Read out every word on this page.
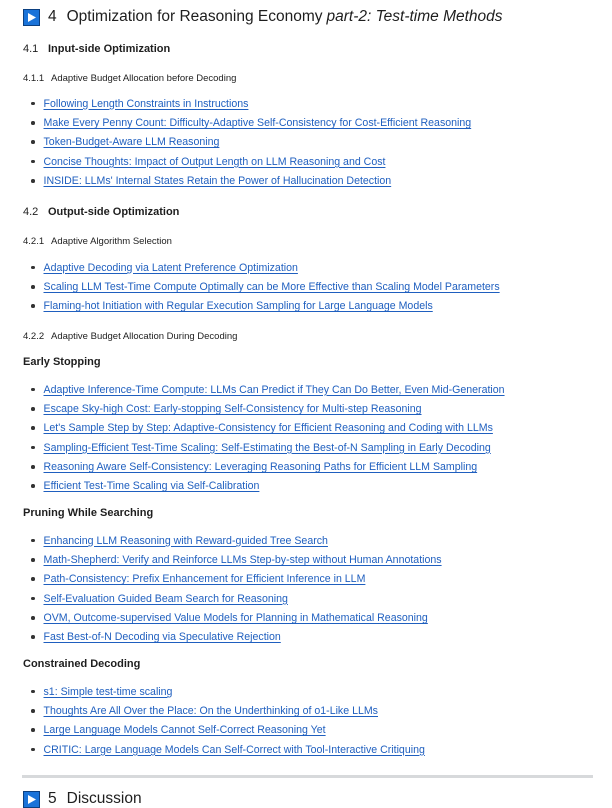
4 Optimization for Reasoning Economy part-2: Test-time Methods
4.1 Input-side Optimization
4.1.1 Adaptive Budget Allocation before Decoding
Following Length Constraints in Instructions
Make Every Penny Count: Difficulty-Adaptive Self-Consistency for Cost-Efficient Reasoning
Token-Budget-Aware LLM Reasoning
Concise Thoughts: Impact of Output Length on LLM Reasoning and Cost
INSIDE: LLMs' Internal States Retain the Power of Hallucination Detection
4.2 Output-side Optimization
4.2.1 Adaptive Algorithm Selection
Adaptive Decoding via Latent Preference Optimization
Scaling LLM Test-Time Compute Optimally can be More Effective than Scaling Model Parameters
Flaming-hot Initiation with Regular Execution Sampling for Large Language Models
4.2.2 Adaptive Budget Allocation During Decoding
Early Stopping
Adaptive Inference-Time Compute: LLMs Can Predict if They Can Do Better, Even Mid-Generation
Escape Sky-high Cost: Early-stopping Self-Consistency for Multi-step Reasoning
Let's Sample Step by Step: Adaptive-Consistency for Efficient Reasoning and Coding with LLMs
Sampling-Efficient Test-Time Scaling: Self-Estimating the Best-of-N Sampling in Early Decoding
Reasoning Aware Self-Consistency: Leveraging Reasoning Paths for Efficient LLM Sampling
Efficient Test-Time Scaling via Self-Calibration
Pruning While Searching
Enhancing LLM Reasoning with Reward-guided Tree Search
Math-Shepherd: Verify and Reinforce LLMs Step-by-step without Human Annotations
Path-Consistency: Prefix Enhancement for Efficient Inference in LLM
Self-Evaluation Guided Beam Search for Reasoning
OVM, Outcome-supervised Value Models for Planning in Mathematical Reasoning
Fast Best-of-N Decoding via Speculative Rejection
Constrained Decoding
s1: Simple test-time scaling
Thoughts Are All Over the Place: On the Underthinking of o1-Like LLMs
Large Language Models Cannot Self-Correct Reasoning Yet
CRITIC: Large Language Models Can Self-Correct with Tool-Interactive Critiquing
5 Discussion
